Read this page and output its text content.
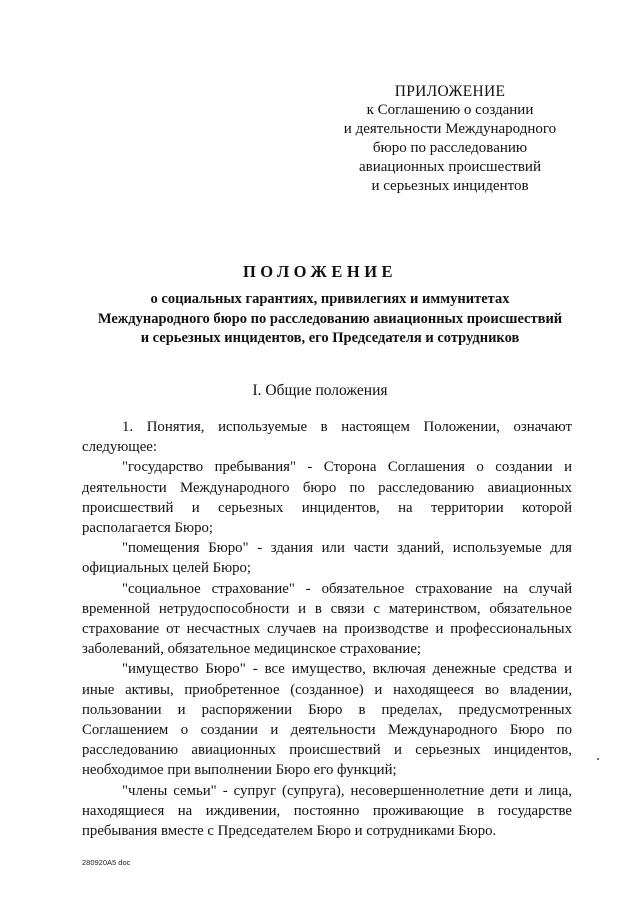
ПРИЛОЖЕНИЕ
к Соглашению о создании
и деятельности Международного
бюро по расследованию
авиационных происшествий
и серьезных инцидентов
ПОЛОЖЕНИЕ
о социальных гарантиях, привилегиях и иммунитетах
Международного бюро по расследованию авиационных происшествий
и серьезных инцидентов, его Председателя и сотрудников
I. Общие положения

1. Понятия, используемые в настоящем Положении, означают следующее:

"государство пребывания" - Сторона Соглашения о создании и деятельности Международного бюро по расследованию авиационных происшествий и серьезных инцидентов, на территории которой располагается Бюро;

"помещения Бюро" - здания или части зданий, используемые для официальных целей Бюро;

"социальное страхование" - обязательное страхование на случай временной нетрудоспособности и в связи с материнством, обязательное страхование от несчастных случаев на производстве и профессиональных заболеваний, обязательное медицинское страхование;

"имущество Бюро" - все имущество, включая денежные средства и иные активы, приобретенное (созданное) и находящееся во владении, пользовании и распоряжении Бюро в пределах, предусмотренных Соглашением о создании и деятельности Международного Бюро по расследованию авиационных происшествий и серьезных инцидентов, необходимое при выполнении Бюро его функций;

"члены семьи" - супруг (супруга), несовершеннолетние дети и лица, находящиеся на иждивении, постоянно проживающие в государстве пребывания вместе с Председателем Бюро и сотрудниками Бюро.

280920A5 doc
